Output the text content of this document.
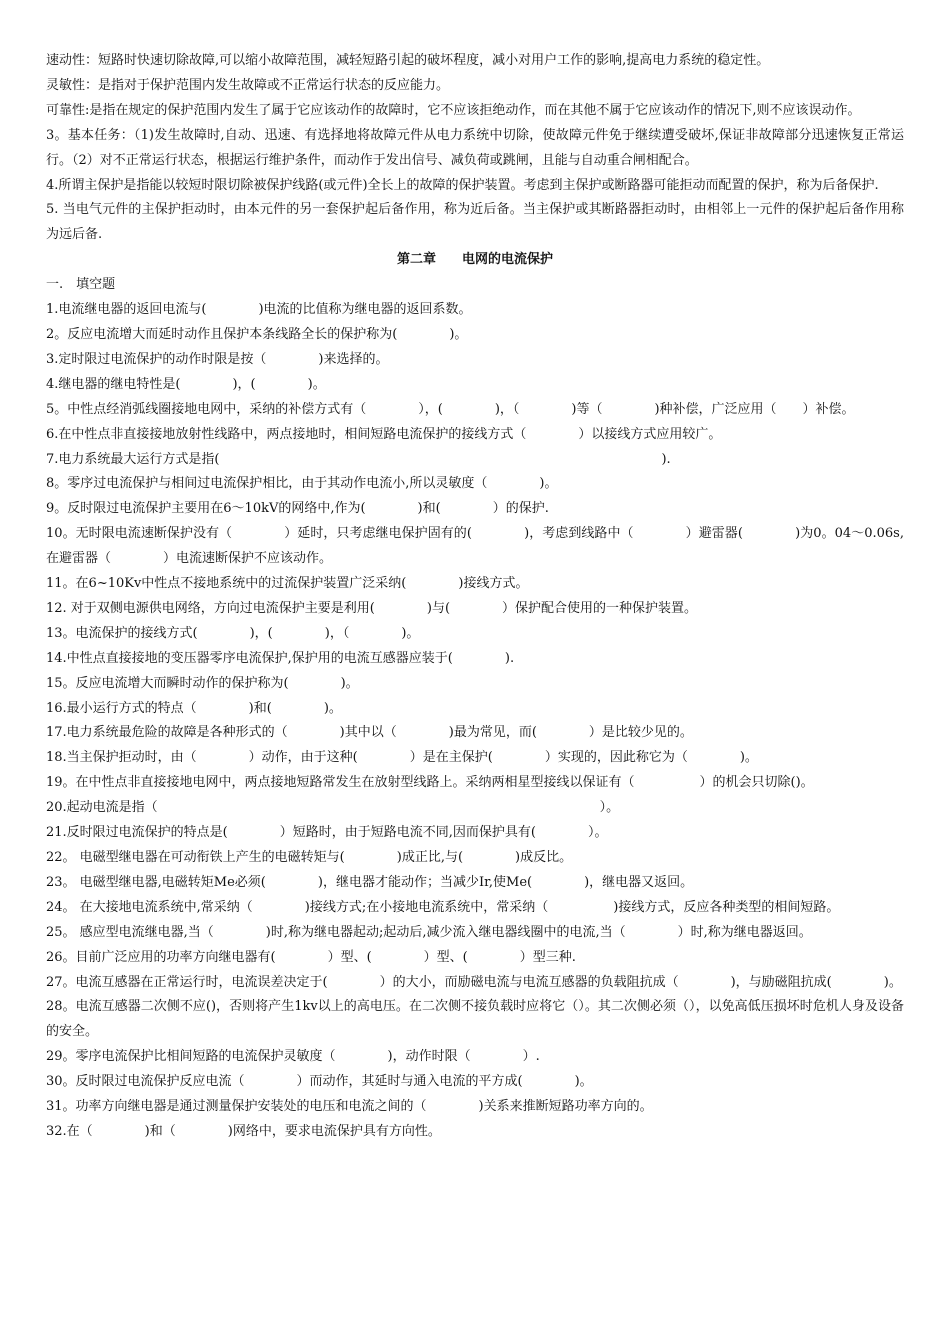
速动性：短路时快速切除故障,可以缩小故障范围，减轻短路引起的破坏程度，减小对用户工作的影响,提高电力系统的稳定性。

灵敏性：是指对于保护范围内发生故障或不正常运行状态的反应能力。

可靠性:是指在规定的保护范围内发生了属于它应该动作的故障时，它不应该拒绝动作，而在其他不属于它应该动作的情况下,则不应该误动作。

3。基本任务：（1)发生故障时,自动、迅速、有选择地将故障元件从电力系统中切除，使故障元件免于继续遭受破坏,保证非故障部分迅速恢复正常运行。（2）对不正常运行状态，根据运行维护条件，而动作于发出信号、减负荷或跳闸，且能与自动重合闸相配合。

4.所谓主保护是指能以较短时限切除被保护线路(或元件)全长上的故障的保护装置。考虑到主保护或断路器可能拒动而配置的保护，称为后备保护.

5. 当电气元件的主保护拒动时，由本元件的另一套保护起后备作用，称为近后备。当主保护或其断路器拒动时，由相邻上一元件的保护起后备作用称为远后备.

第二章　　电网的电流保护

一.　填空题

1.电流继电器的返回电流与(　　　　)电流的比值称为继电器的返回系数。

2。反应电流增大而延时动作且保护本条线路全长的保护称为(　　　　)。

3.定时限过电流保护的动作时限是按（　　　　)来选择的。

4.继电器的继电特性是(　　　　)，(　　　　)。

5。中性点经消弧线圈接地电网中，采纳的补偿方式有（　　　　），(　　　　)，（　　　　)等（　　　　)种补偿，广泛应用（　　）补偿。

6.在中性点非直接接地放射性线路中，两点接地时，相间短路电流保护的接线方式（　　　　）以接线方式应用较广。

7.电力系统最大运行方式是指(　　　　　　　　　　　　　　　　　　　　　　　　　　　　　　　　　　).

8。零序过电流保护与相间过电流保护相比，由于其动作电流小,所以灵敏度（　　　　)。

9。反时限过电流保护主要用在6～10kV的网络中,作为(　　　　)和(　　　　）的保护.

10。无时限电流速断保护没有（　　　　）延时，只考虑继电保护固有的(　　　　)，考虑到线路中（　　　　）避雷器(　　　　)为0。04～0.06s,在避雷器（　　　　）电流速断保护不应该动作。

11。在6~10Kv中性点不接地系统中的过流保护装置广泛采纳(　　　　)接线方式。

12. 对于双侧电源供电网络，方向过电流保护主要是利用(　　　　)与(　　　　）保护配合使用的一种保护装置。

13。电流保护的接线方式(　　　　)，(　　　　)，（　　　　)。

14.中性点直接接地的变压器零序电流保护,保护用的电流互感器应装于(　　　　).

15。反应电流增大而瞬时动作的保护称为(　　　　)。

16.最小运行方式的特点（　　　　)和(　　　　)。

17.电力系统最危险的故障是各种形式的（　　　　)其中以（　　　　)最为常见，而(　　　　）是比较少见的。

18.当主保护拒动时，由（　　　　）动作，由于这种(　　　　）是在主保护(　　　　）实现的，因此称它为（　　　　)。

19。在中性点非直接接地电网中，两点接地短路常发生在放射型线路上。采纳两相星型接线以保证有（　　　　　）的机会只切除()。

20.起动电流是指（　　　　　　　　　　　　　　　　　　　　　　　　　　　　　　　　　　）。

21.反时限过电流保护的特点是(　　　　）短路时，由于短路电流不同,因而保护具有(　　　　）。

22。 电磁型继电器在可动衔铁上产生的电磁转矩与(　　　　)成正比,与(　　　　)成反比。

23。 电磁型继电器,电磁转矩Me必须(　　　　)，继电器才能动作；当减少Ir,使Me(　　　　)，继电器又返回。

24。 在大接地电流系统中,常采纳（　　　　)接线方式;在小接地电流系统中，常采纳（　　　　　)接线方式，反应各种类型的相间短路。

25。 感应型电流继电器,当（　　　　)时,称为继电器起动;起动后,减少流入继电器线圈中的电流,当（　　　　）时,称为继电器返回。

26。目前广泛应用的功率方向继电器有(　　　　）型、(　　　　）型、(　　　　）型三种.

27。电流互感器在正常运行时，电流误差决定于(　　　　）的大小，而励磁电流与电流互感器的负载阻抗成（　　　　)，与励磁阻抗成(　　　　)。

28。电流互感器二次侧不应()，否则将产生1kv以上的高电压。在二次侧不接负载时应将它（）。其二次侧必须（），以免高低压损坏时危机人身及设备的安全。

29。零序电流保护比相间短路的电流保护灵敏度（　　　　)，动作时限（　　　　）.

30。反时限过电流保护反应电流（　　　　）而动作，其延时与通入电流的平方成(　　　　)。

31。功率方向继电器是通过测量保护安装处的电压和电流之间的（　　　　)关系来推断短路功率方向的。

32.在（　　　　)和（　　　　)网络中，要求电流保护具有方向性。
